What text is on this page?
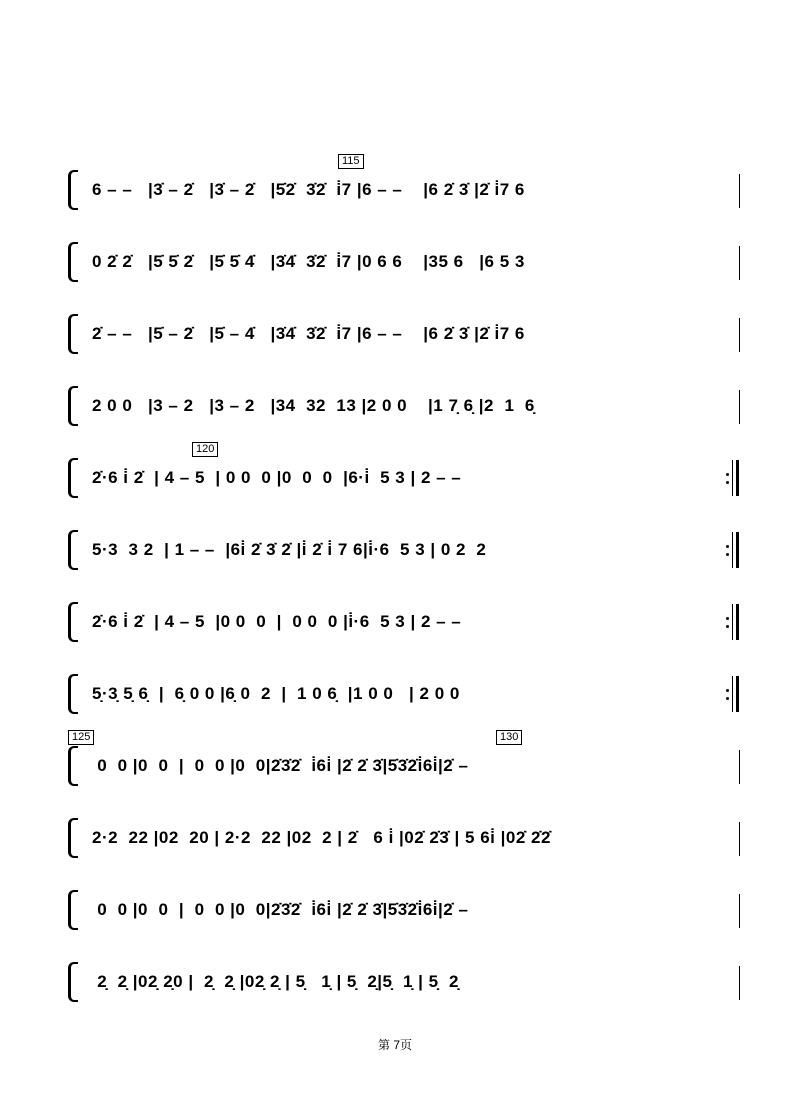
115
6 – –   |3̇ – 2̇   |3̇ – 2̇   |5̇2̇  3̇2̇  i̇7 |6 – –    |6 2̇ 3̇ |2̇ i̇7 6
0 2̇ 2̇   |5̇ 5̇ 2̇   |5̇ 5̇ 4̇   |3̇4̇  3̇2̇  i̇7 |0 6 6    |35 6   |6 5 3
2̇ – –   |5̇ – 2̇   |5̇ – 4̇   |3̇4̇  3̇2̇  i̇7 |6 – –    |6 2̇ 3̇ |2̇ i̇7 6
2 0 0   |3 – 2   |3 – 2   |34  32  13 |2 0 0    |1 7̣ 6̣ |2  1  6̣
120
2̇·6 i̇ 2̇  | 4 – 5  | 0 0  0 |0  0  0  |6·i̇  5 3 | 2 – –
5·3  3 2  | 1 – –  |6i̇ 2̇ 3̇ 2̇ |i̇ 2̇ i̇ 7 6|i̇·6  5 3 | 0 2  2
2̇·6 i̇ 2̇  | 4 – 5  |0 0  0  |  0 0  0 |i̇·6  5 3 | 2 – –
5̣·3̣ 5̣ 6̣  |  6̣ 0 0 |6̣ 0  2  |  1 0 6̣  |1 0 0   | 2 0 0
125	130
0  0 |0  0  |  0  0 |0  0|2̇3̇2̇  i̇6i̇ |2̇ 2̇ 3̇|5̇3̇2̇i̇6i̇|2̇ –
2·2  22 |02  20 | 2·2  22 |02  2 | 2̇   6 i̇ |02̇ 2̇3̇ | 5 6i̇ |02̇ 2̇2̇
0  0 |0  0  |  0  0 |0  0|2̇3̇2̇  i̇6i̇ |2̇ 2̇ 3̇|5̇3̇2̇i̇6i̇|2̇ –
2̣  2̣ |02̣ 2̣0 |  2̣  2̣ |02̣ 2̣ | 5̣   1̣ | 5̣  2̣|5̣  1̣ | 5̣  2̣
第 7页
